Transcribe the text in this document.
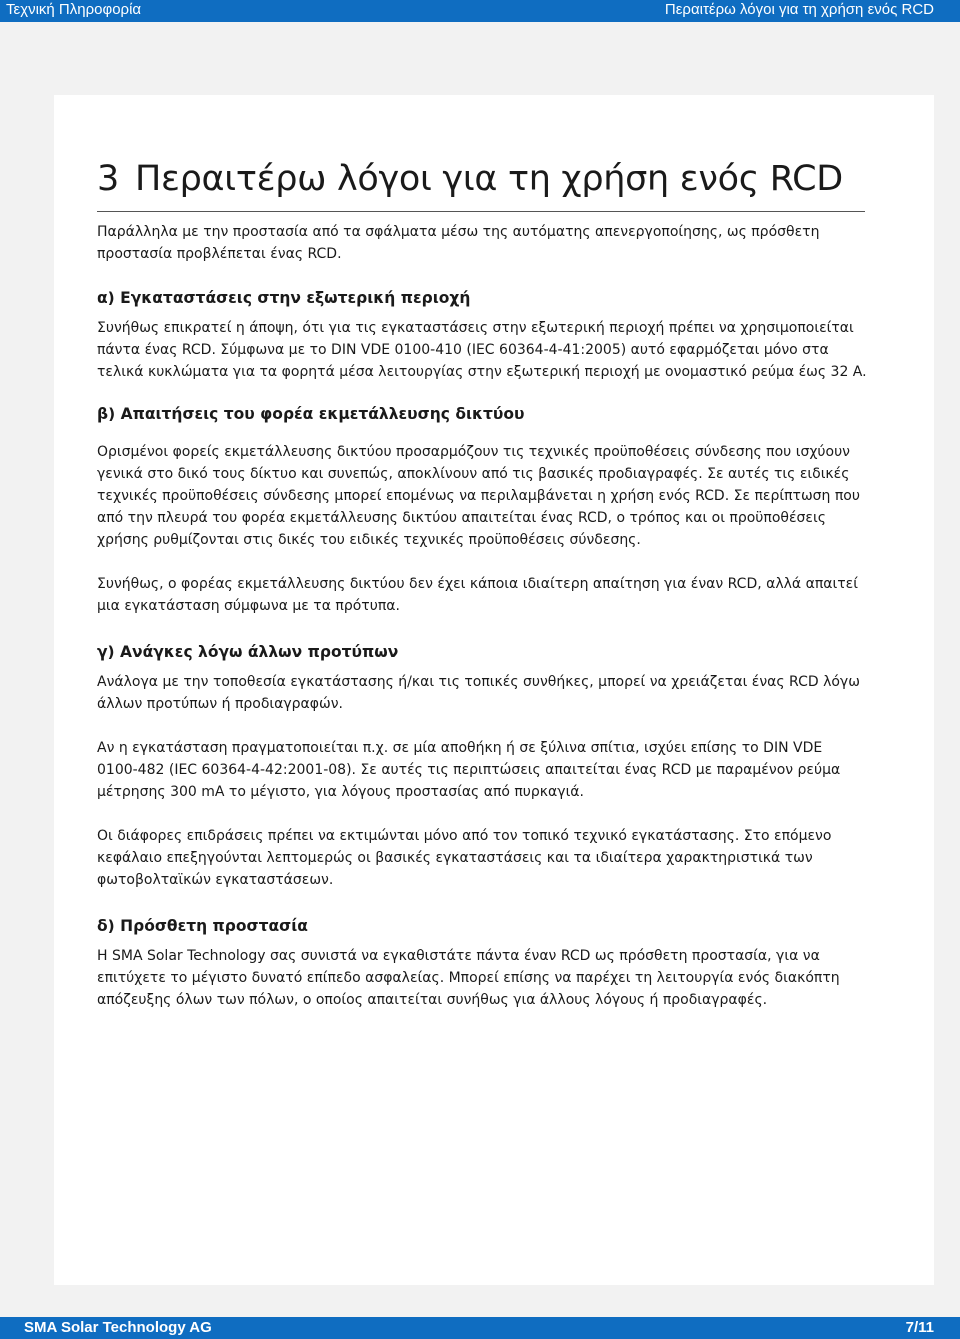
Τεχνική Πληροφορία	Περαιτέρω λόγοι για τη χρήση ενός RCD
3 Περαιτέρω λόγοι για τη χρήση ενός RCD

Παράλληλα με την προστασία από τα σφάλματα μέσω της αυτόματης απενεργοποίησης, ως πρόσθετη προστασία προβλέπεται ένας RCD.

α) Εγκαταστάσεις στην εξωτερική περιοχή

Συνήθως επικρατεί η άποψη, ότι για τις εγκαταστάσεις στην εξωτερική περιοχή πρέπει να χρησιμοποιείται πάντα ένας RCD. Σύμφωνα με το DIN VDE 0100-410 (IEC 60364-4-41:2005) αυτό εφαρμόζεται μόνο στα τελικά κυκλώματα για τα φορητά μέσα λειτουργίας στην εξωτερική περιοχή με ονομαστικό ρεύμα έως 32 A.

β) Απαιτήσεις του φορέα εκμετάλλευσης δικτύου

Ορισμένοι φορείς εκμετάλλευσης δικτύου προσαρμόζουν τις τεχνικές προϋποθέσεις σύνδεσης που ισχύουν γενικά στο δικό τους δίκτυο και συνεπώς, αποκλίνουν από τις βασικές προδιαγραφές. Σε αυτές τις ειδικές τεχνικές προϋποθέσεις σύνδεσης μπορεί επομένως να περιλαμβάνεται η χρήση ενός RCD. Σε περίπτωση που από την πλευρά του φορέα εκμετάλλευσης δικτύου απαιτείται ένας RCD, ο τρόπος και οι προϋποθέσεις χρήσης ρυθμίζονται στις δικές του ειδικές τεχνικές προϋποθέσεις σύνδεσης.

Συνήθως, ο φορέας εκμετάλλευσης δικτύου δεν έχει κάποια ιδιαίτερη απαίτηση για έναν RCD, αλλά απαιτεί μια εγκατάσταση σύμφωνα με τα πρότυπα.

γ) Ανάγκες λόγω άλλων προτύπων

Ανάλογα με την τοποθεσία εγκατάστασης ή/και τις τοπικές συνθήκες, μπορεί να χρειάζεται ένας RCD λόγω άλλων προτύπων ή προδιαγραφών.

Αν η εγκατάσταση πραγματοποιείται π.χ. σε μία αποθήκη ή σε ξύλινα σπίτια, ισχύει επίσης το DIN VDE 0100-482 (IEC 60364-4-42:2001-08). Σε αυτές τις περιπτώσεις απαιτείται ένας RCD με παραμένον ρεύμα μέτρησης 300 mA το μέγιστο, για λόγους προστασίας από πυρκαγιά.

Οι διάφορες επιδράσεις πρέπει να εκτιμώνται μόνο από τον τοπικό τεχνικό εγκατάστασης. Στο επόμενο κεφάλαιο επεξηγούνται λεπτομερώς οι βασικές εγκαταστάσεις και τα ιδιαίτερα χαρακτηριστικά των φωτοβολταϊκών εγκαταστάσεων.

δ) Πρόσθετη προστασία

Η SMA Solar Technology σας συνιστά να εγκαθιστάτε πάντα έναν RCD ως πρόσθετη προστασία, για να επιτύχετε το μέγιστο δυνατό επίπεδο ασφαλείας. Μπορεί επίσης να παρέχει τη λειτουργία ενός διακόπτη απόζευξης όλων των πόλων, ο οποίος απαιτείται συνήθως για άλλους λόγους ή προδιαγραφές.

SMA Solar Technology AG	7/11
